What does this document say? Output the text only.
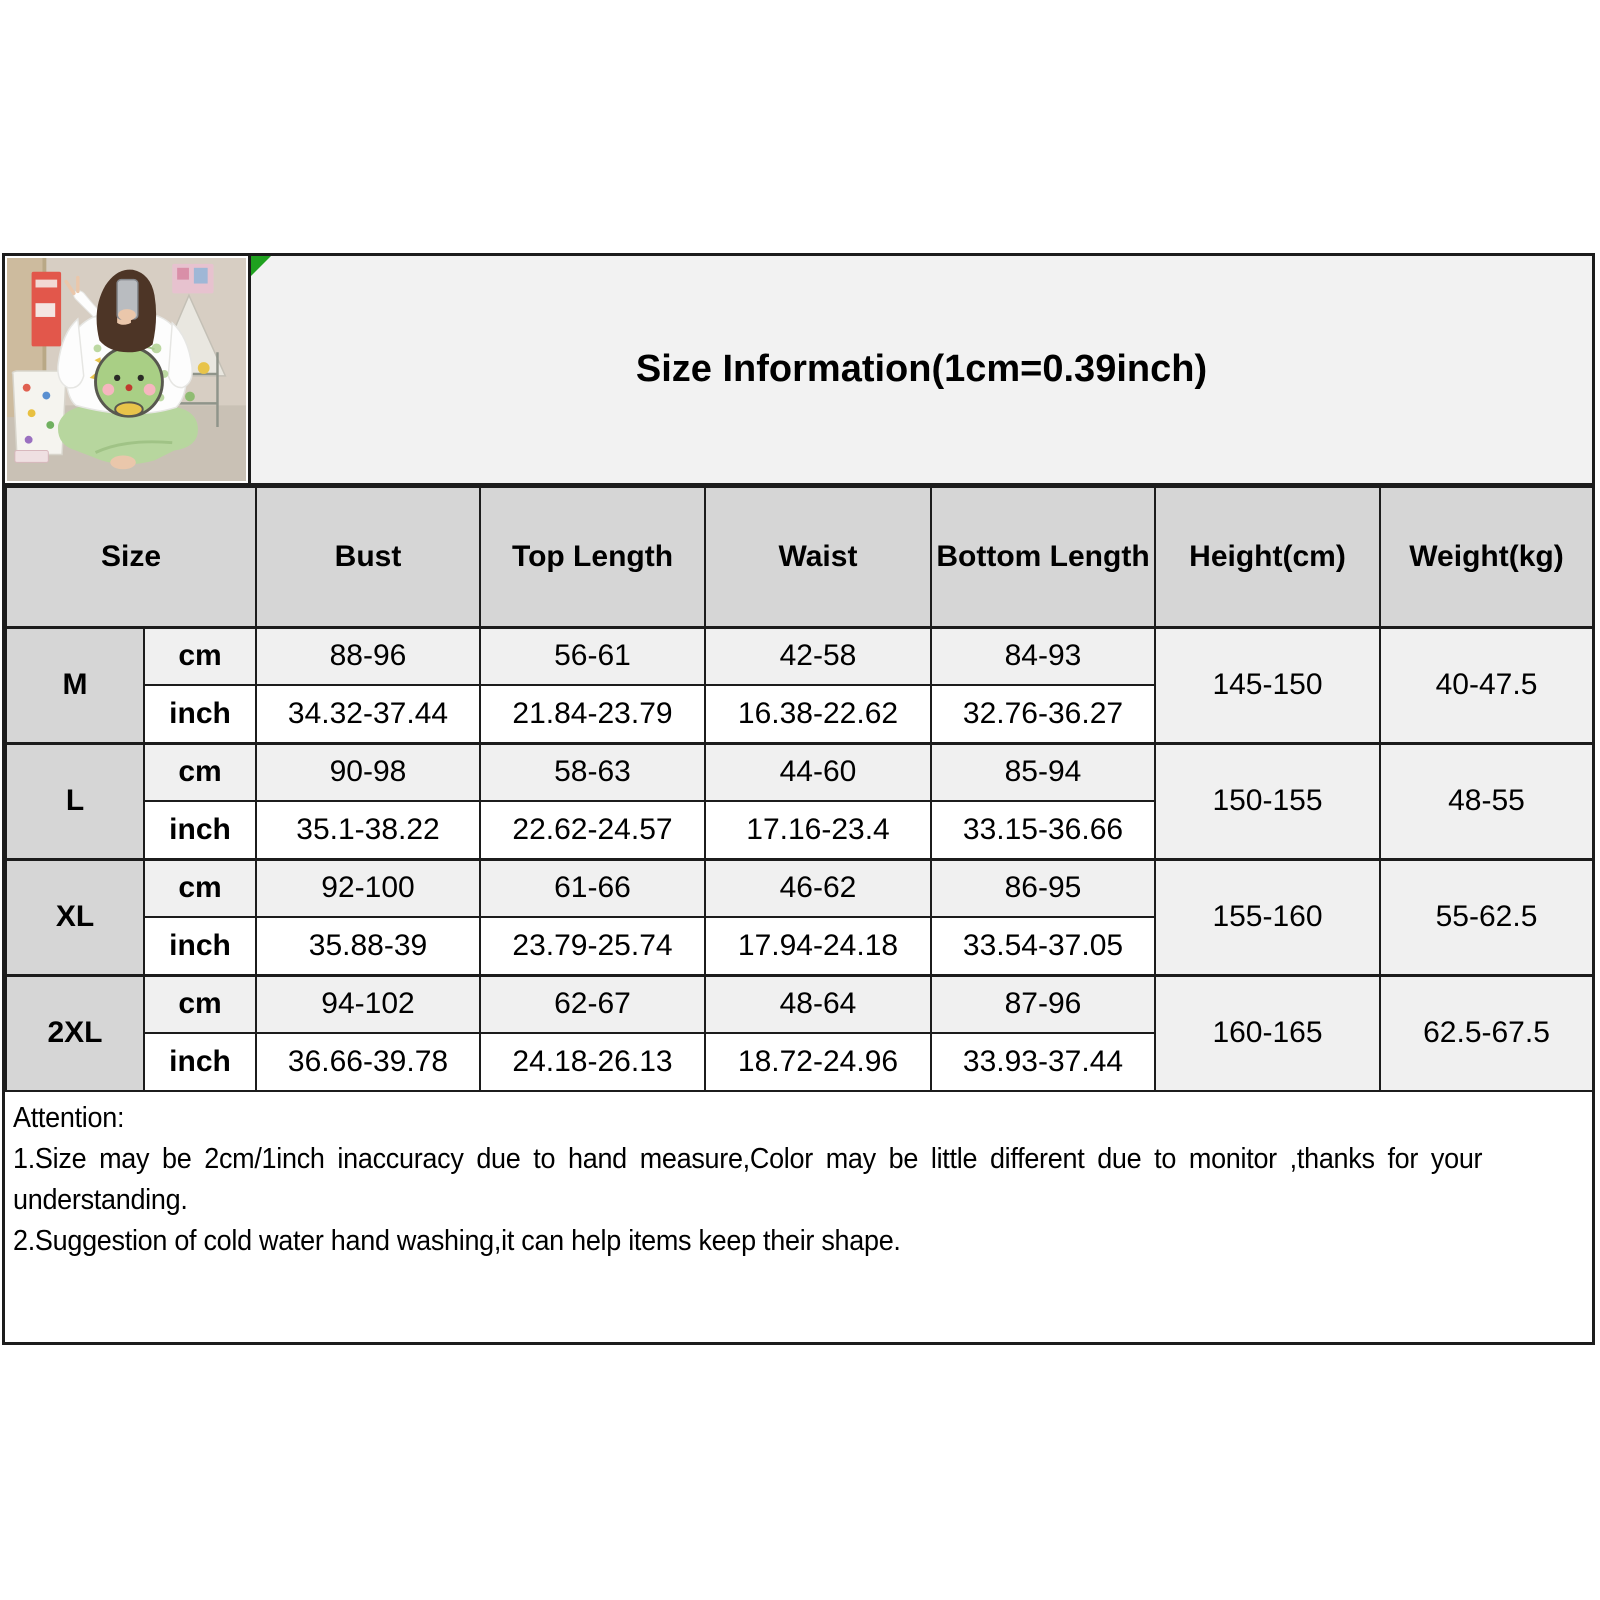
Size Information(1cm=0.39inch)
Size		Bust	Top Length	Waist	Bottom Length	Height(cm)	Weight(kg)
M	cm	88-96	56-61	42-58	84-93	145-150	40-47.5
	inch	34.32-37.44	21.84-23.79	16.38-22.62	32.76-36.27		
L	cm	90-98	58-63	44-60	85-94	150-155	48-55
	inch	35.1-38.22	22.62-24.57	17.16-23.4	33.15-36.66		
XL	cm	92-100	61-66	46-62	86-95	155-160	55-62.5
	inch	35.88-39	23.79-25.74	17.94-24.18	33.54-37.05		
2XL	cm	94-102	62-67	48-64	87-96	160-165	62.5-67.5
	inch	36.66-39.78	24.18-26.13	18.72-24.96	33.93-37.44		
Attention:
1.Size may be 2cm/1inch inaccuracy due to hand measure,Color may be little different due to monitor ,thanks for your
understanding.
2.Suggestion of cold water hand washing,it can help items keep their shape.
